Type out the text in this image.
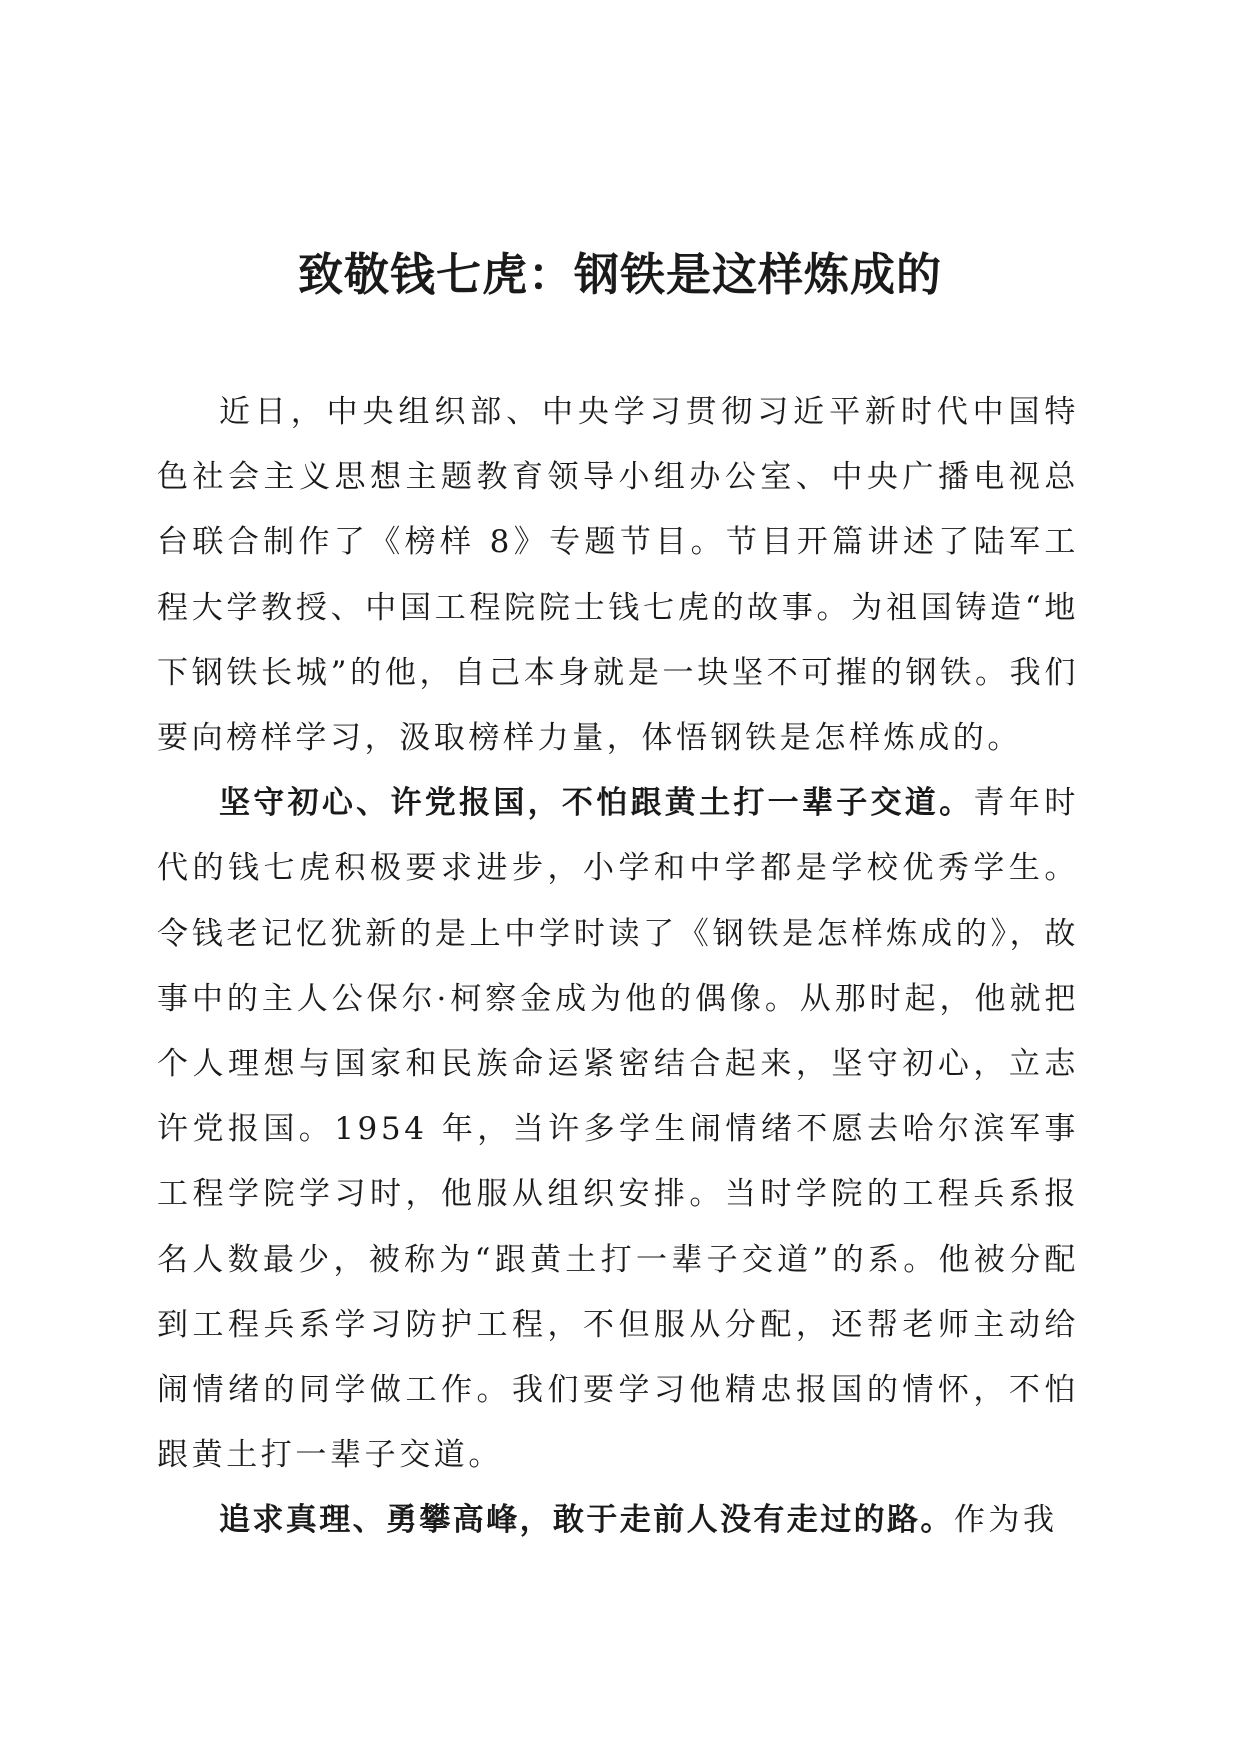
致敬钱七虎：钢铁是这样炼成的

近日，中央组织部、中央学习贯彻习近平新时代中国特色社会主义思想主题教育领导小组办公室、中央广播电视总台联合制作了《榜样 8》专题节目。节目开篇讲述了陆军工程大学教授、中国工程院院士钱七虎的故事。为祖国铸造“地下钢铁长城”的他，自己本身就是一块坚不可摧的钢铁。我们要向榜样学习，汲取榜样力量，体悟钢铁是怎样炼成的。

坚守初心、许党报国，不怕跟黄土打一辈子交道。青年时代的钱七虎积极要求进步，小学和中学都是学校优秀学生。令钱老记忆犹新的是上中学时读了《钢铁是怎样炼成的》，故事中的主人公保尔·柯察金成为他的偶像。从那时起，他就把个人理想与国家和民族命运紧密结合起来，坚守初心，立志许党报国。1954 年，当许多学生闹情绪不愿去哈尔滨军事工程学院学习时，他服从组织安排。当时学院的工程兵系报名人数最少，被称为“跟黄土打一辈子交道”的系。他被分配到工程兵系学习防护工程，不但服从分配，还帮老师主动给闹情绪的同学做工作。我们要学习他精忠报国的情怀，不怕跟黄土打一辈子交道。

追求真理、勇攀高峰，敢于走前人没有走过的路。作为我
